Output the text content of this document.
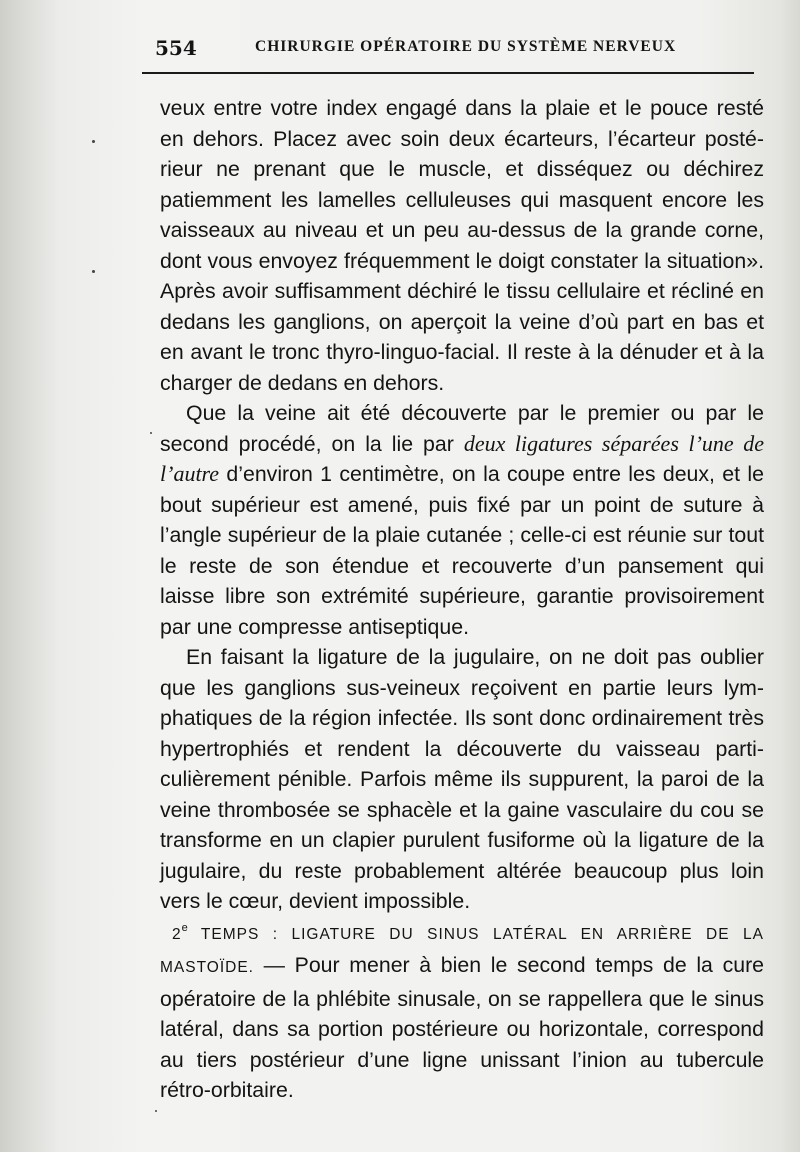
554	CHIRURGIE OPÉRATOIRE DU SYSTÈME NERVEUX

veux entre votre index engagé dans la plaie et le pouce resté en dehors. Placez avec soin deux écarteurs, l’écarteur postérieur ne prenant que le muscle, et disséquez ou déchirez patiemment les lamelles celluleuses qui masquent encore les vaisseaux au niveau et un peu au-dessus de la grande corne, dont vous envoyez fréquemment le doigt constater la situation». Après avoir suffisamment déchiré le tissu cellulaire et récliné en dedans les ganglions, on aperçoit la veine d’où part en bas et en avant le tronc thyro-linguo-facial. Il reste à la dénuder et à la charger de dedans en dehors.

Que la veine ait été découverte par le premier ou par le second procédé, on la lie par deux ligatures séparées l’une de l’autre d’environ 1 centimètre, on la coupe entre les deux, et le bout supérieur est amené, puis fixé par un point de suture à l’angle supérieur de la plaie cutanée ; celle-ci est réunie sur tout le reste de son étendue et recouverte d’un pansement qui laisse libre son extrémité supérieure, garantie provisoirement par une compresse antiseptique.

En faisant la ligature de la jugulaire, on ne doit pas oublier que les ganglions sus-veineux reçoivent en partie leurs lymphatiques de la région infectée. Ils sont donc ordinairement très hypertrophiés et rendent la découverte du vaisseau particulièrement pénible. Parfois même ils suppurent, la paroi de la veine thrombosée se sphacèle et la gaine vasculaire du cou se transforme en un clapier purulent fusiforme où la ligature de la jugulaire, du reste probablement altérée beaucoup plus loin vers le cœur, devient impossible.

2e TEMPS : LIGATURE DU SINUS LATÉRAL EN ARRIÈRE DE LA MASTOÏDE. — Pour mener à bien le second temps de la cure opératoire de la phlébite sinusale, on se rappellera que le sinus latéral, dans sa portion postérieure ou horizontale, correspond au tiers postérieur d’une ligne unissant l’inion au tubercule rétro-orbitaire.
